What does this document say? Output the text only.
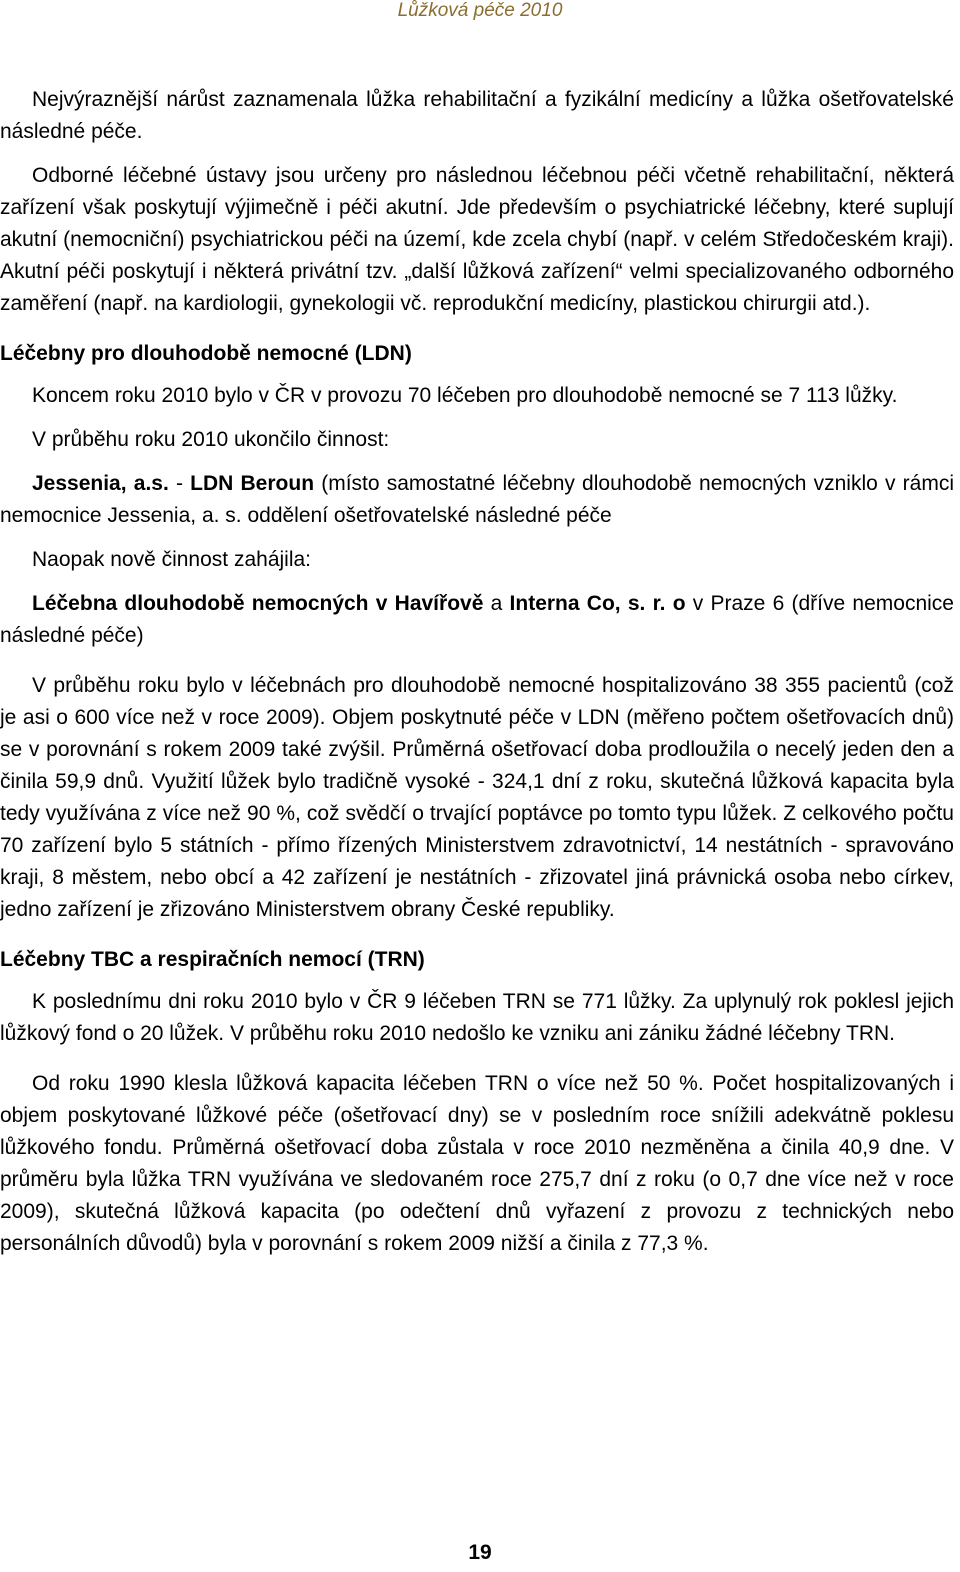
Lůžková péče 2010

Nejvýraznější nárůst zaznamenala lůžka rehabilitační a fyzikální medicíny a lůžka ošetřovatelské následné péče.

Odborné léčebné ústavy jsou určeny pro následnou léčebnou péči včetně rehabilitační, některá zařízení však poskytují výjimečně i péči akutní. Jde především o psychiatrické léčebny, které suplují akutní (nemocniční) psychiatrickou péči na území, kde zcela chybí (např. v celém Středočeském kraji). Akutní péči poskytují i některá privátní tzv. „další lůžková zařízení“ velmi specializovaného odborného zaměření (např. na kardiologii, gynekologii vč. reprodukční medicíny, plastickou chirurgii atd.).

Léčebny pro dlouhodobě nemocné (LDN)

Koncem roku 2010 bylo v ČR v provozu 70 léčeben pro dlouhodobě nemocné se 7 113 lůžky.

V průběhu roku 2010 ukončilo činnost:

Jessenia, a.s. - LDN Beroun (místo samostatné léčebny dlouhodobě nemocných vzniklo v rámci nemocnice Jessenia, a. s. oddělení ošetřovatelské následné péče

Naopak nově činnost zahájila:

Léčebna dlouhodobě nemocných v Havířově a Interna Co, s. r. o v Praze 6 (dříve nemocnice následné péče)

V průběhu roku bylo v léčebnách pro dlouhodobě nemocné hospitalizováno 38 355 pacientů (což je asi o 600 více než v roce 2009). Objem poskytnuté péče v LDN (měřeno počtem ošetřovacích dnů) se v porovnání s rokem 2009 také zvýšil. Průměrná ošetřovací doba prodloužila o necelý jeden den a činila 59,9 dnů. Využití lůžek bylo tradičně vysoké - 324,1 dní z roku, skutečná lůžková kapacita byla tedy využívána z více než 90 %, což svědčí o trvající poptávce po tomto typu lůžek. Z celkového počtu 70 zařízení bylo 5 státních - přímo řízených Ministerstvem zdravotnictví, 14 nestátních - spravováno kraji, 8 městem, nebo obcí a 42 zařízení je nestátních - zřizovatel jiná právnická osoba nebo církev, jedno zařízení je zřizováno Ministerstvem obrany České republiky.

Léčebny TBC a respiračních nemocí (TRN)

K poslednímu dni roku 2010 bylo v ČR 9 léčeben TRN se 771 lůžky. Za uplynulý rok poklesl jejich lůžkový fond o 20 lůžek. V průběhu roku 2010 nedošlo ke vzniku ani zániku žádné léčebny TRN.

Od roku 1990 klesla lůžková kapacita léčeben TRN o více než 50 %. Počet hospitalizovaných i objem poskytované lůžkové péče (ošetřovací dny) se v posledním roce snížili adekvátně poklesu lůžkového fondu. Průměrná ošetřovací doba zůstala v roce 2010 nezměněna a činila 40,9 dne. V průměru byla lůžka TRN využívána ve sledovaném roce 275,7 dní z roku (o 0,7 dne více než v roce 2009), skutečná lůžková kapacita (po odečtení dnů vyřazení z provozu z technických nebo personálních důvodů) byla v porovnání s rokem 2009 nižší a činila z 77,3 %.

19
